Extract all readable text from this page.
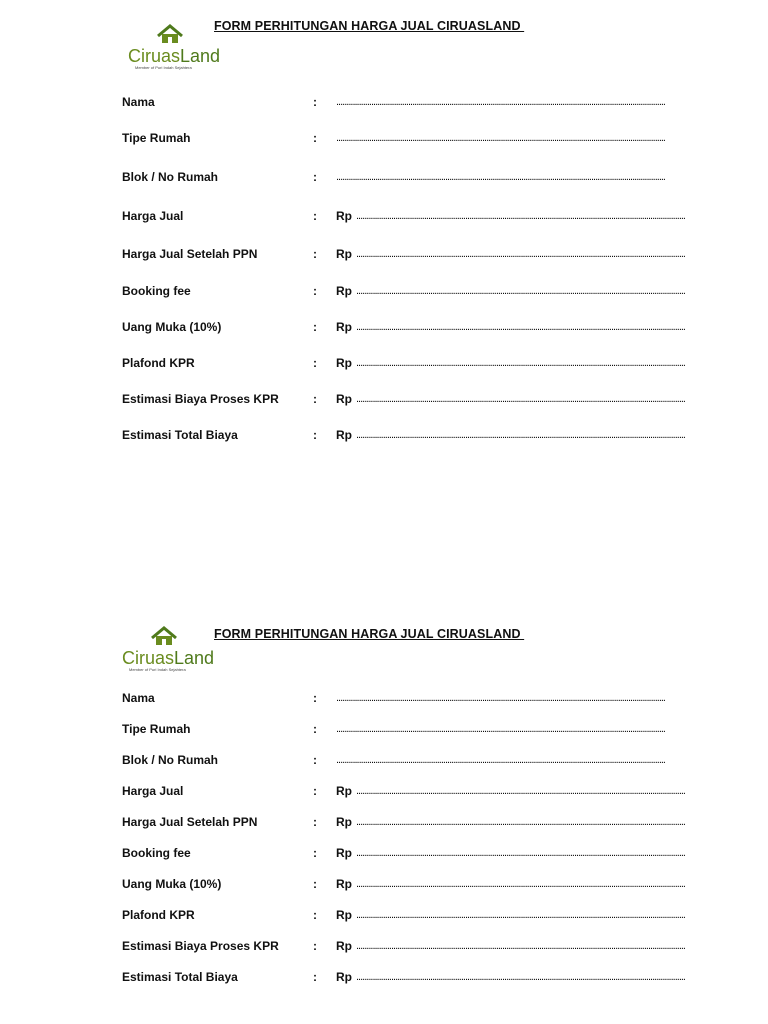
FORM PERHITUNGAN HARGA JUAL CIRUASLAND
CiruasLand
Member of Puri Indah Sejahtera
Nama	: ................................................................................................................................................................
Tipe Rumah	: ................................................................................................................................................................
Blok / No Rumah	: ................................................................................................................................................................
Harga Jual	: Rp ................................................................................................................................................................
Harga Jual Setelah PPN	: Rp ................................................................................................................................................................
Booking fee	: Rp ................................................................................................................................................................
Uang Muka (10%)	: Rp ................................................................................................................................................................
Plafond KPR	: Rp ................................................................................................................................................................
Estimasi Biaya Proses KPR	: Rp ................................................................................................................................................................
Estimasi Total Biaya	: Rp ................................................................................................................................................................
FORM PERHITUNGAN HARGA JUAL CIRUASLAND
CiruasLand
Member of Puri Indah Sejahtera
Nama	: ................................................................................................................................................................
Tipe Rumah	: ................................................................................................................................................................
Blok / No Rumah	: ................................................................................................................................................................
Harga Jual	: Rp ................................................................................................................................................................
Harga Jual Setelah PPN	: Rp ................................................................................................................................................................
Booking fee	: Rp ................................................................................................................................................................
Uang Muka (10%)	: Rp ................................................................................................................................................................
Plafond KPR	: Rp ................................................................................................................................................................
Estimasi Biaya Proses KPR	: Rp ................................................................................................................................................................
Estimasi Total Biaya	: Rp ................................................................................................................................................................
